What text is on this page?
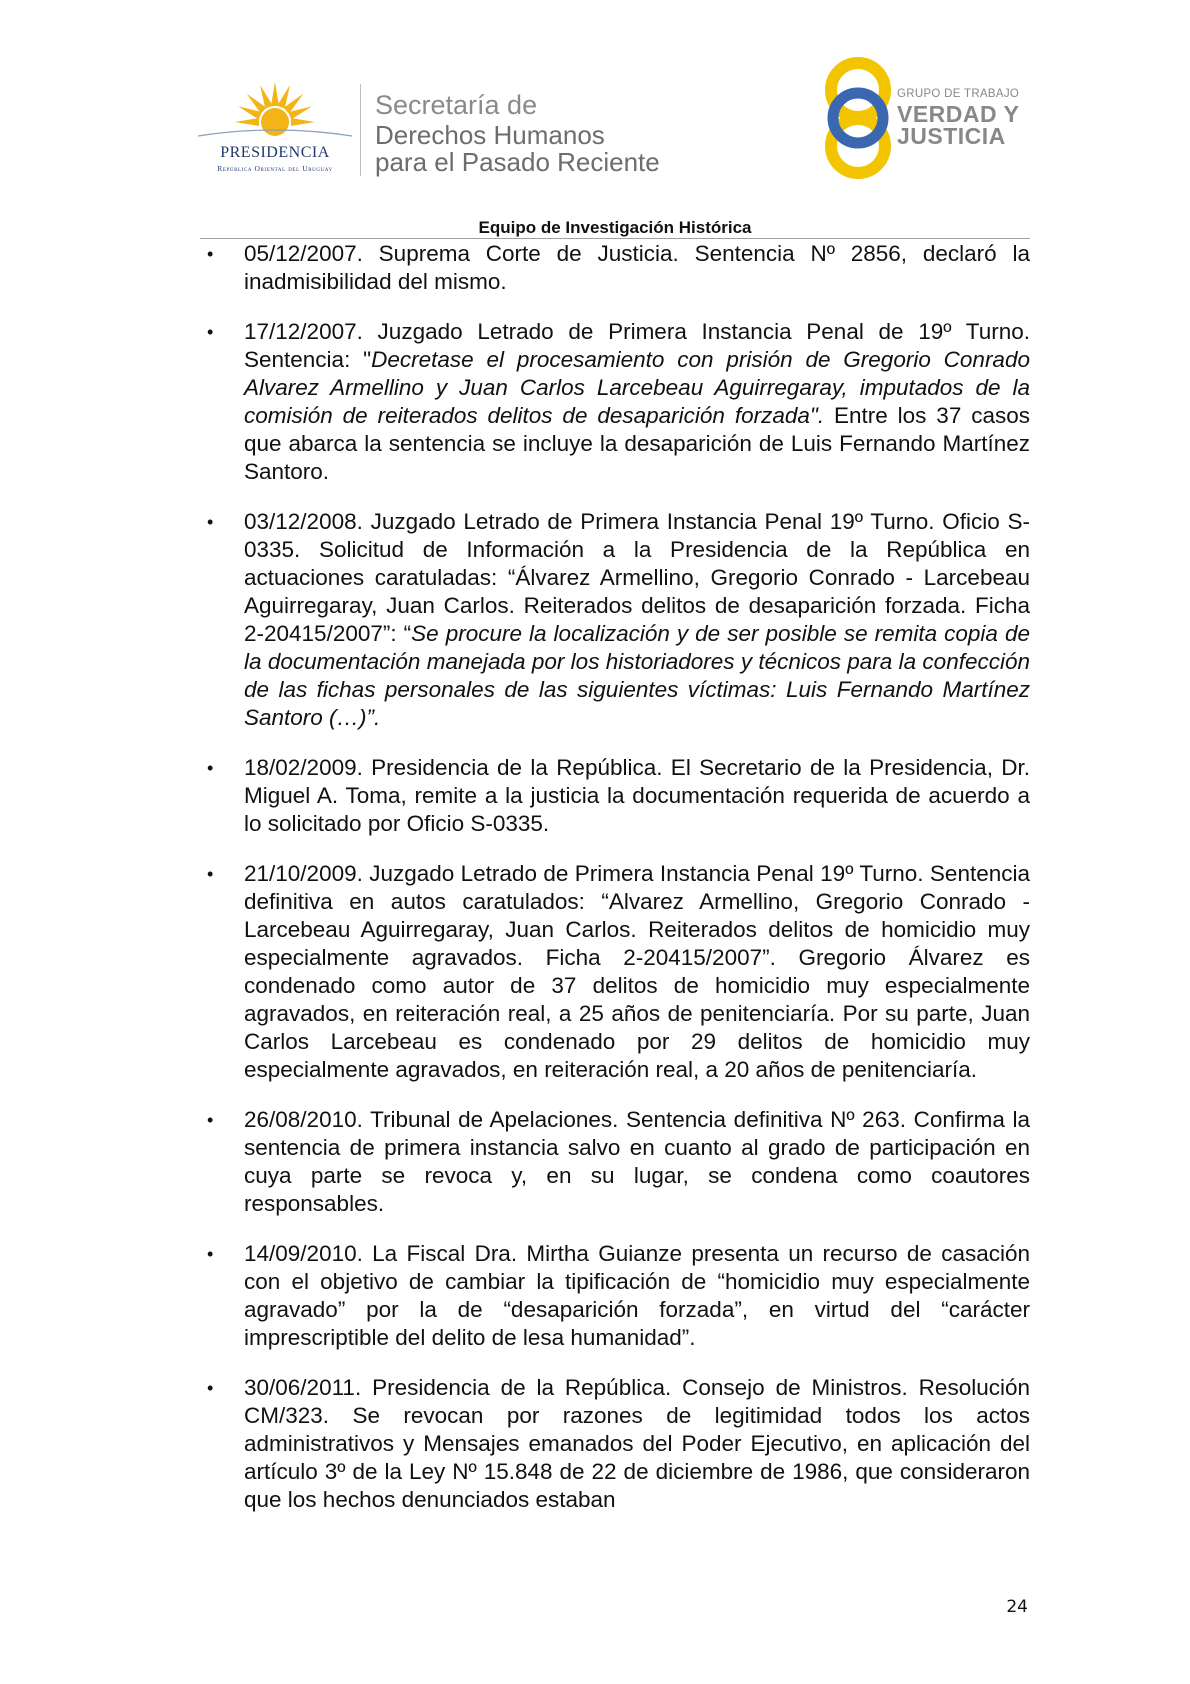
PRESIDENCIA
República Oriental del Uruguay
Secretaría de
Derechos Humanos
para el Pasado Reciente
GRUPO DE TRABAJO
VERDAD Y
JUSTICIA
Equipo de Investigación Histórica
• 05/12/2007. Suprema Corte de Justicia. Sentencia Nº 2856, declaró la inadmisibilidad del mismo.
• 17/12/2007. Juzgado Letrado de Primera Instancia Penal de 19º Turno. Sentencia: "Decretase el procesamiento con prisión de Gregorio Conrado Alvarez Armellino y Juan Carlos Larcebeau Aguirregaray, imputados de la comisión de reiterados delitos de desaparición forzada". Entre los 37 casos que abarca la sentencia se incluye la desaparición de Luis Fernando Martínez Santoro.
• 03/12/2008. Juzgado Letrado de Primera Instancia Penal 19º Turno. Oficio S-0335. Solicitud de Información a la Presidencia de la República en actuaciones caratuladas: “Álvarez Armellino, Gregorio Conrado - Larcebeau Aguirregaray, Juan Carlos. Reiterados delitos de desaparición forzada. Ficha 2-20415/2007”: “Se procure la localización y de ser posible se remita copia de la documentación manejada por los historiadores y técnicos para la confección de las fichas personales de las siguientes víctimas: Luis Fernando Martínez Santoro (…)”.
• 18/02/2009. Presidencia de la República. El Secretario de la Presidencia, Dr. Miguel A. Toma, remite a la justicia la documentación requerida de acuerdo a lo solicitado por Oficio S-0335.
• 21/10/2009. Juzgado Letrado de Primera Instancia Penal 19º Turno. Sentencia definitiva en autos caratulados: “Alvarez Armellino, Gregorio Conrado - Larcebeau Aguirregaray, Juan Carlos. Reiterados delitos de homicidio muy especialmente agravados. Ficha 2-20415/2007”. Gregorio Álvarez es condenado como autor de 37 delitos de homicidio muy especialmente agravados, en reiteración real, a 25 años de penitenciaría. Por su parte, Juan Carlos Larcebeau es condenado por 29 delitos de homicidio muy especialmente agravados, en reiteración real, a 20 años de penitenciaría.
• 26/08/2010. Tribunal de Apelaciones. Sentencia definitiva Nº 263. Confirma la sentencia de primera instancia salvo en cuanto al grado de participación en cuya parte se revoca y, en su lugar, se condena como coautores responsables.
• 14/09/2010. La Fiscal Dra. Mirtha Guianze presenta un recurso de casación con el objetivo de cambiar la tipificación de “homicidio muy especialmente agravado” por la de “desaparición forzada”, en virtud del “carácter imprescriptible del delito de lesa humanidad”.
• 30/06/2011. Presidencia de la República. Consejo de Ministros. Resolución CM/323. Se revocan por razones de legitimidad todos los actos administrativos y Mensajes emanados del Poder Ejecutivo, en aplicación del artículo 3º de la Ley Nº 15.848 de 22 de diciembre de 1986, que consideraron que los hechos denunciados estaban
24
